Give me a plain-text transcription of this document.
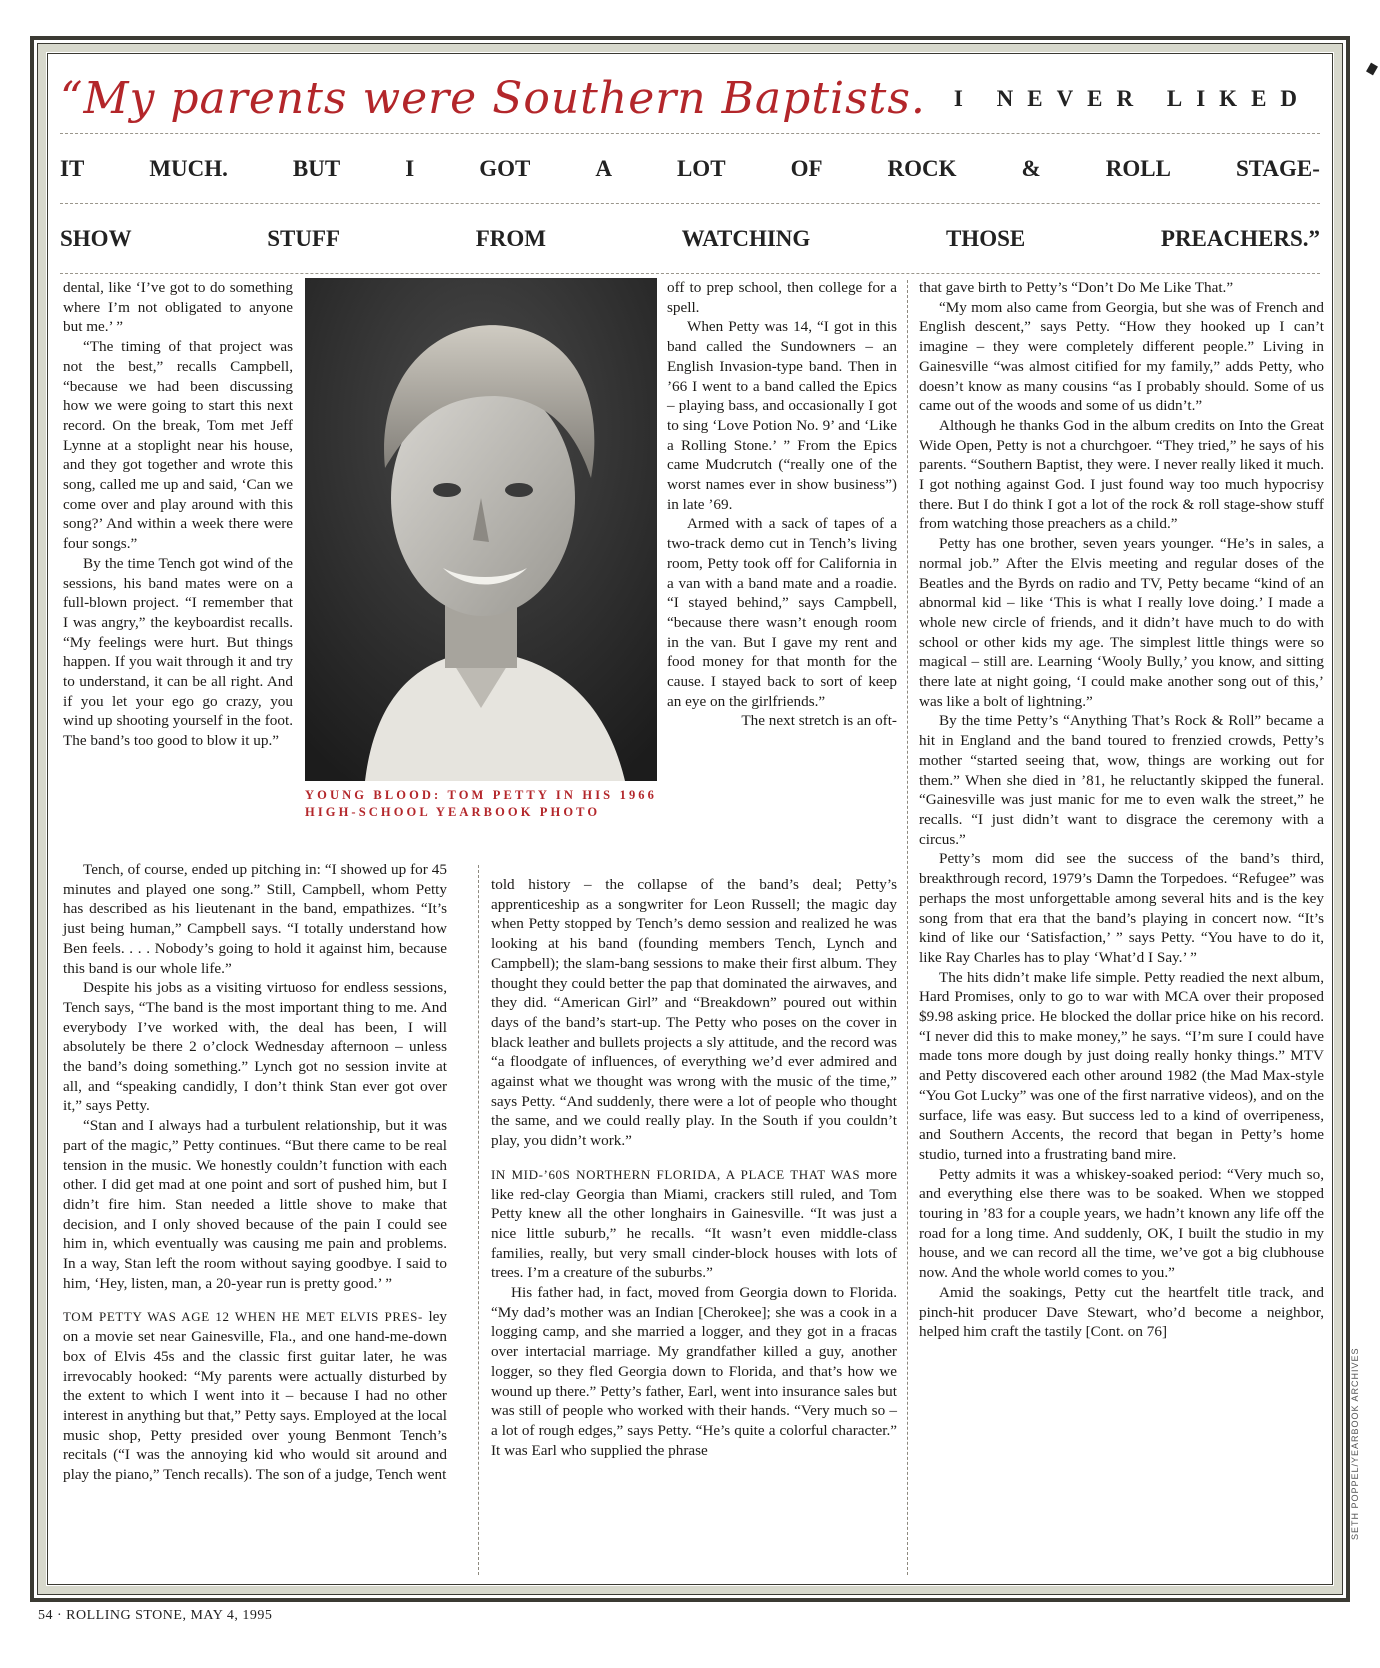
“My parents were Southern Baptists. I NEVER LIKED
IT	MUCH.	BUT	I	GOT	A	LOT	OF	ROCK	&	ROLL	STAGE-
SHOW	STUFF	FROM	WATCHING	THOSE	PREACHERS.”
YOUNG BLOOD: TOM PETTY IN HIS 1966 HIGH-SCHOOL YEARBOOK PHOTO

dental, like ‘I’ve got to do something where I’m not obligated to anyone but me.’ ”

“The timing of that project was not the best,” recalls Campbell, “because we had been discussing how we were going to start this next record. On the break, Tom met Jeff Lynne at a stoplight near his house, and they got together and wrote this song, called me up and said, ‘Can we come over and play around with this song?’ And within a week there were four songs.”

By the time Tench got wind of the sessions, his band mates were on a full-blown project. “I remember that I was angry,” the keyboardist recalls. “My feelings were hurt. But things happen. If you wait through it and try to understand, it can be all right. And if you let your ego go crazy, you wind up shooting yourself in the foot. The band’s too good to blow it up.”

Tench, of course, ended up pitching in: “I showed up for 45 minutes and played one song.” Still, Campbell, whom Petty has described as his lieutenant in the band, empathizes. “It’s just being human,” Campbell says. “I totally understand how Ben feels. . . . Nobody’s going to hold it against him, because this band is our whole life.”

Despite his jobs as a visiting virtuoso for endless sessions, Tench says, “The band is the most important thing to me. And everybody I’ve worked with, the deal has been, I will absolutely be there 2 o’clock Wednesday afternoon – unless the band’s doing something.” Lynch got no session invite at all, and “speaking candidly, I don’t think Stan ever got over it,” says Petty.

“Stan and I always had a turbulent relationship, but it was part of the magic,” Petty continues. “But there came to be real tension in the music. We honestly couldn’t function with each other. I did get mad at one point and sort of pushed him, but I didn’t fire him. Stan needed a little shove to make that decision, and I only shoved because of the pain I could see him in, which eventually was causing me pain and problems. In a way, Stan left the room without saying goodbye. I said to him, ‘Hey, listen, man, a 20-year run is pretty good.’ ”

TOM PETTY WAS AGE 12 WHEN HE MET ELVIS PRES- ley on a movie set near Gainesville, Fla., and one hand-me-down box of Elvis 45s and the classic first guitar later, he was irrevocably hooked: “My parents were actually disturbed by the extent to which I went into it – because I had no other interest in anything but that,” Petty says. Employed at the local music shop, Petty presided over young Benmont Tench’s recitals (“I was the annoying kid who would sit around and play the piano,” Tench recalls). The son of a judge, Tench went

off to prep school, then college for a spell.

When Petty was 14, “I got in this band called the Sundowners – an English Invasion-type band. Then in ’66 I went to a band called the Epics – playing bass, and occasionally I got to sing ‘Love Potion No. 9’ and ‘Like a Rolling Stone.’ ” From the Epics came Mudcrutch (“really one of the worst names ever in show business”) in late ’69.

Armed with a sack of tapes of a two-track demo cut in Tench’s living room, Petty took off for California in a van with a band mate and a roadie. “I stayed behind,” says Campbell, “because there wasn’t enough room in the van. But I gave my rent and food money for that month for the cause. I stayed back to sort of keep an eye on the girlfriends.”

The next stretch is an oft-

told history – the collapse of the band’s deal; Petty’s apprenticeship as a songwriter for Leon Russell; the magic day when Petty stopped by Tench’s demo session and realized he was looking at his band (founding members Tench, Lynch and Campbell); the slam-bang sessions to make their first album. They thought they could better the pap that dominated the airwaves, and they did. “American Girl” and “Breakdown” poured out within days of the band’s start-up. The Petty who poses on the cover in black leather and bullets projects a sly attitude, and the record was “a floodgate of influences, of everything we’d ever admired and against what we thought was wrong with the music of the time,” says Petty. “And suddenly, there were a lot of people who thought the same, and we could really play. In the South if you couldn’t play, you didn’t work.”

IN MID-’60S NORTHERN FLORIDA, A PLACE THAT WAS more like red-clay Georgia than Miami, crackers still ruled, and Tom Petty knew all the other longhairs in Gainesville. “It was just a nice little suburb,” he recalls. “It wasn’t even middle-class families, really, but very small cinder-block houses with lots of trees. I’m a creature of the suburbs.”

His father had, in fact, moved from Georgia down to Florida. “My dad’s mother was an Indian [Cherokee]; she was a cook in a logging camp, and she married a logger, and they got in a fracas over intertacial marriage. My grandfather killed a guy, another logger, so they fled Georgia down to Florida, and that’s how we wound up there.” Petty’s father, Earl, went into insurance sales but was still of people who worked with their hands. “Very much so – a lot of rough edges,” says Petty. “He’s quite a colorful character.” It was Earl who supplied the phrase

that gave birth to Petty’s “Don’t Do Me Like That.”

“My mom also came from Georgia, but she was of French and English descent,” says Petty. “How they hooked up I can’t imagine – they were completely different people.” Living in Gainesville “was almost citified for my family,” adds Petty, who doesn’t know as many cousins “as I probably should. Some of us came out of the woods and some of us didn’t.”

Although he thanks God in the album credits on Into the Great Wide Open, Petty is not a churchgoer. “They tried,” he says of his parents. “Southern Baptist, they were. I never really liked it much. I got nothing against God. I just found way too much hypocrisy there. But I do think I got a lot of the rock & roll stage-show stuff from watching those preachers as a child.”

Petty has one brother, seven years younger. “He’s in sales, a normal job.” After the Elvis meeting and regular doses of the Beatles and the Byrds on radio and TV, Petty became “kind of an abnormal kid – like ‘This is what I really love doing.’ I made a whole new circle of friends, and it didn’t have much to do with school or other kids my age. The simplest little things were so magical – still are. Learning ‘Wooly Bully,’ you know, and sitting there late at night going, ‘I could make another song out of this,’ was like a bolt of lightning.”

By the time Petty’s “Anything That’s Rock & Roll” became a hit in England and the band toured to frenzied crowds, Petty’s mother “started seeing that, wow, things are working out for them.” When she died in ’81, he reluctantly skipped the funeral. “Gainesville was just manic for me to even walk the street,” he recalls. “I just didn’t want to disgrace the ceremony with a circus.”

Petty’s mom did see the success of the band’s third, breakthrough record, 1979’s Damn the Torpedoes. “Refugee” was perhaps the most unforgettable among several hits and is the key song from that era that the band’s playing in concert now. “It’s kind of like our ‘Satisfaction,’ ” says Petty. “You have to do it, like Ray Charles has to play ‘What’d I Say.’ ”

The hits didn’t make life simple. Petty readied the next album, Hard Promises, only to go to war with MCA over their proposed $9.98 asking price. He blocked the dollar price hike on his record. “I never did this to make money,” he says. “I’m sure I could have made tons more dough by just doing really honky things.” MTV and Petty discovered each other around 1982 (the Mad Max-style “You Got Lucky” was one of the first narrative videos), and on the surface, life was easy. But success led to a kind of overripeness, and Southern Accents, the record that began in Petty’s home studio, turned into a frustrating band mire.

Petty admits it was a whiskey-soaked period: “Very much so, and everything else there was to be soaked. When we stopped touring in ’83 for a couple years, we hadn’t known any life off the road for a long time. And suddenly, OK, I built the studio in my house, and we can record all the time, we’ve got a big clubhouse now. And the whole world comes to you.”

Amid the soakings, Petty cut the heartfelt title track, and pinch-hit producer Dave Stewart, who’d become a neighbor, helped him craft the tastily [Cont. on 76]

54 · ROLLING STONE, MAY 4, 1995
SETH POPPEL/YEARBOOK ARCHIVES
